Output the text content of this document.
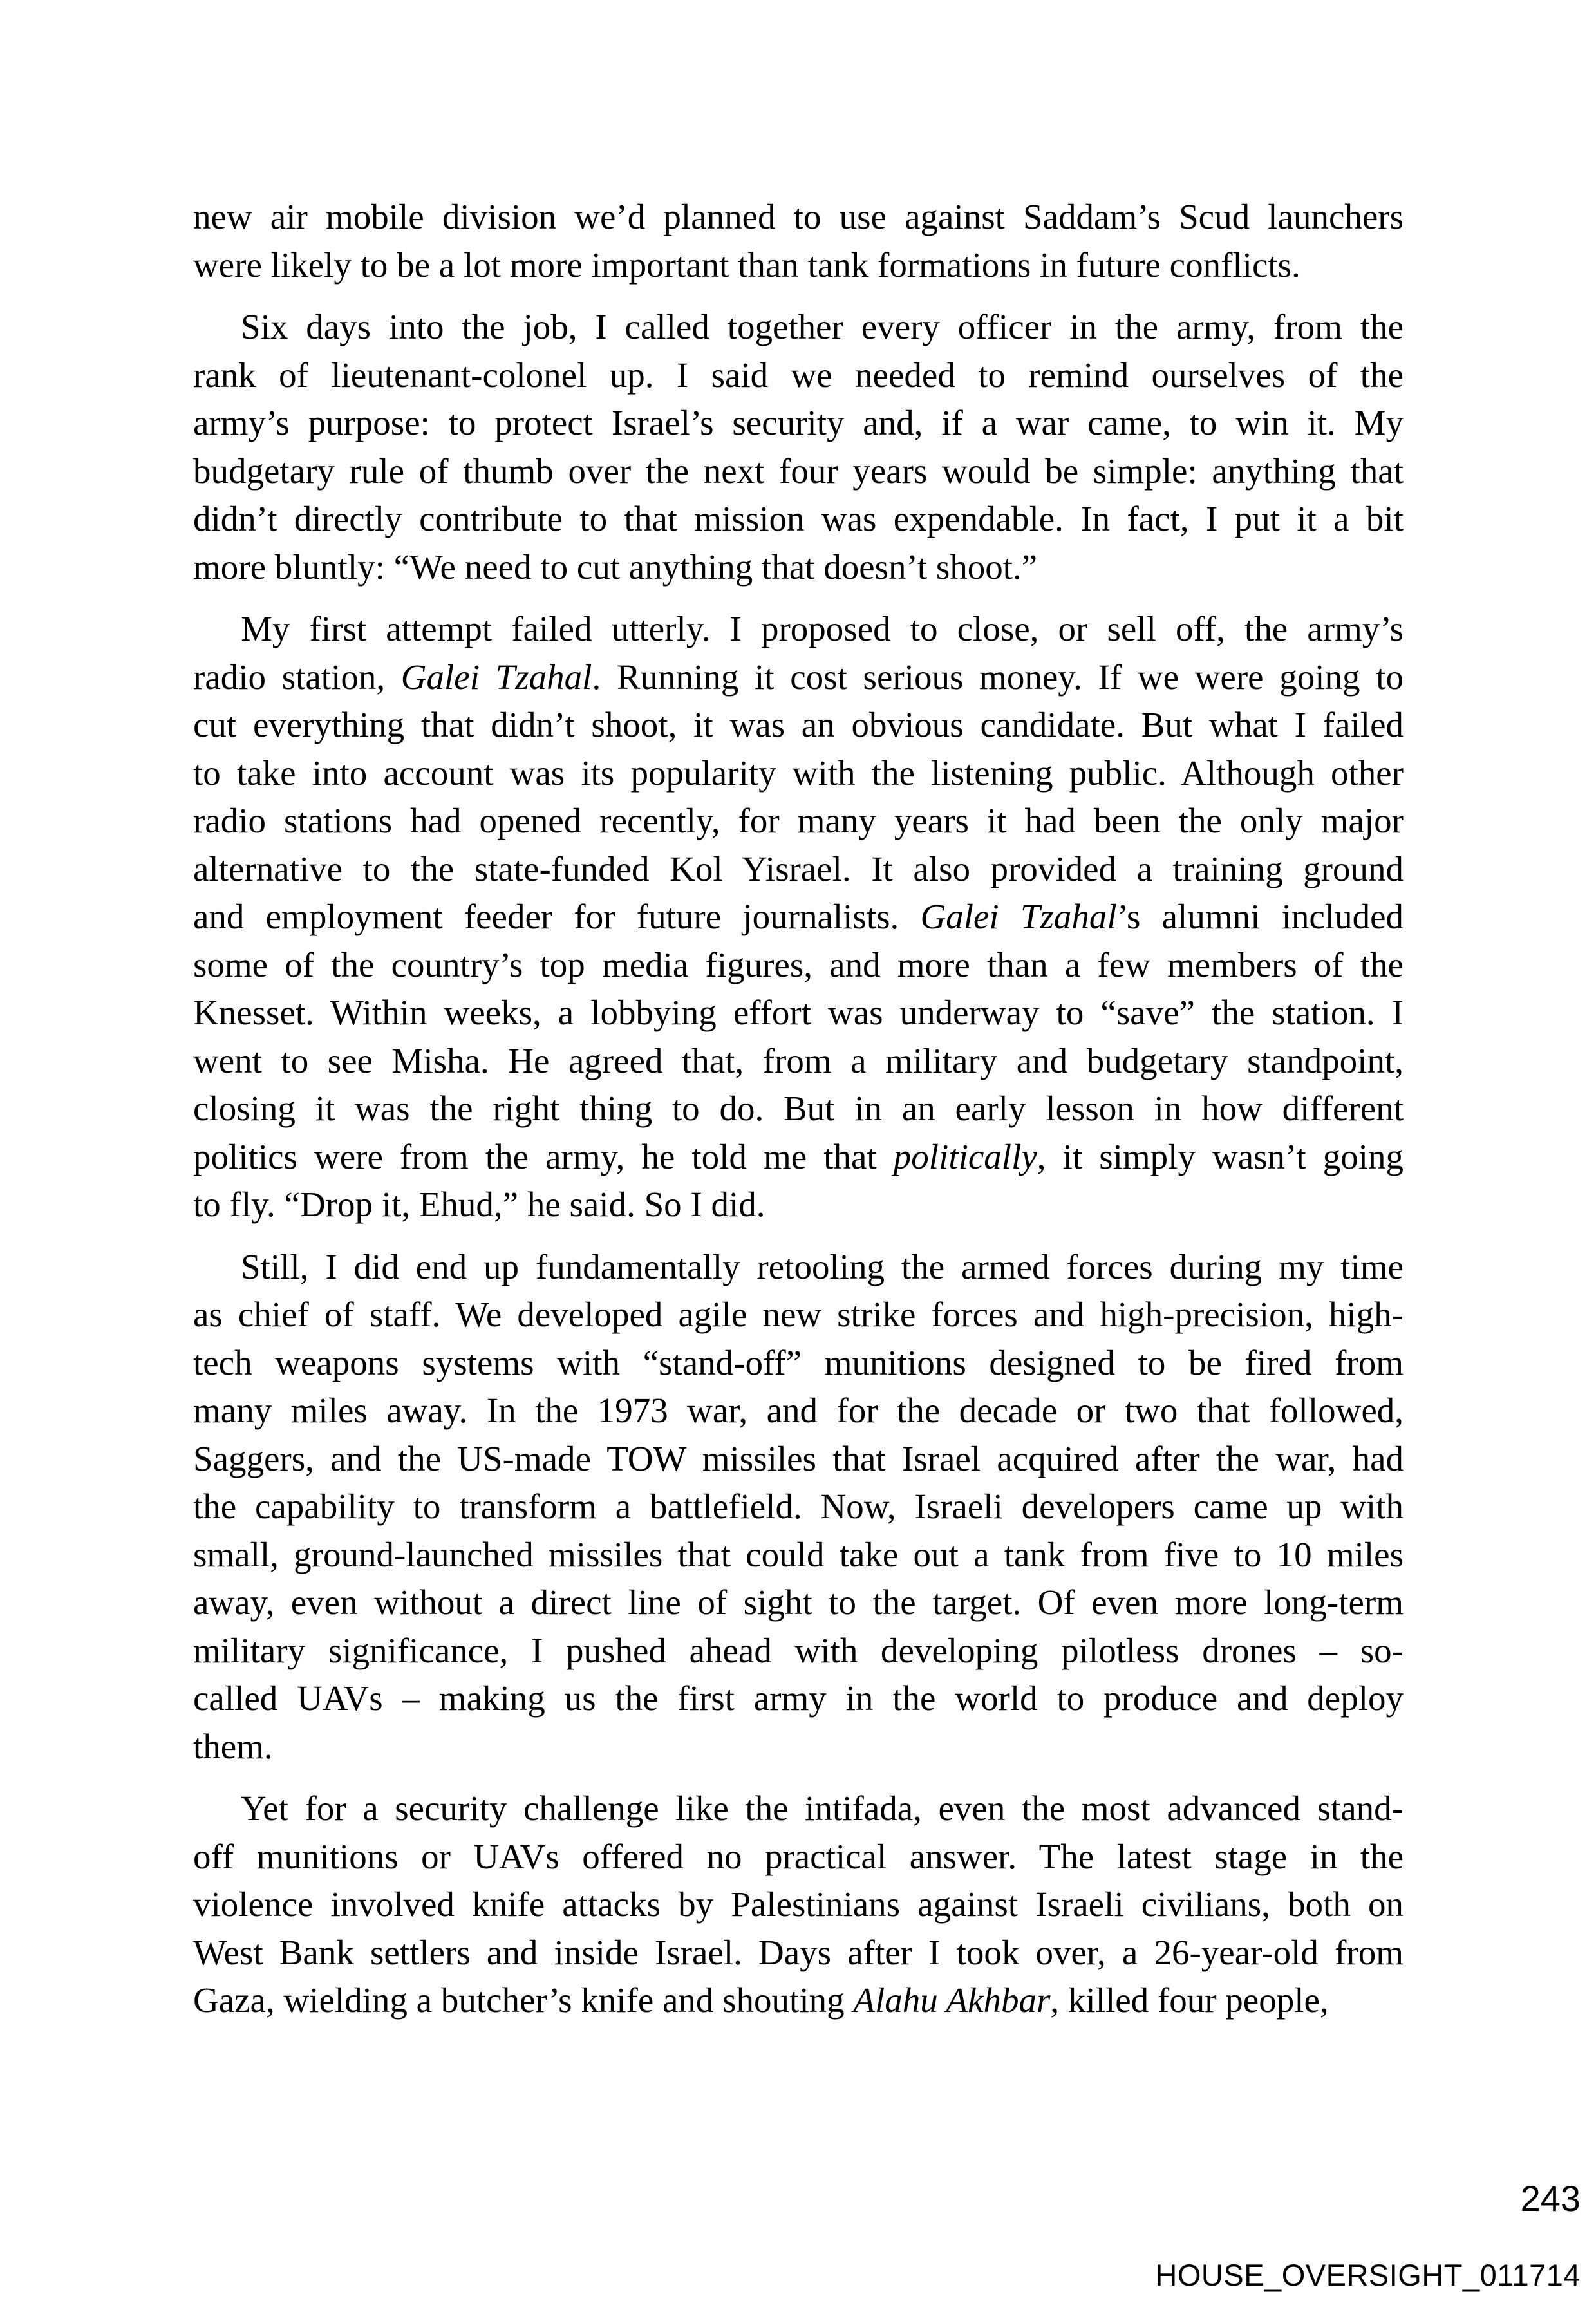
new air mobile division we’d planned to use against Saddam’s Scud launchers
were likely to be a lot more important than tank formations in future conflicts.
Six days into the job, I called together every officer in the army, from the
rank of lieutenant-colonel up. I said we needed to remind ourselves of the
army’s purpose: to protect Israel’s security and, if a war came, to win it. My
budgetary rule of thumb over the next four years would be simple: anything that
didn’t directly contribute to that mission was expendable. In fact, I put it a bit
more bluntly: “We need to cut anything that doesn’t shoot.”
My first attempt failed utterly. I proposed to close, or sell off, the army’s
radio station, Galei Tzahal. Running it cost serious money. If we were going to
cut everything that didn’t shoot, it was an obvious candidate. But what I failed
to take into account was its popularity with the listening public. Although other
radio stations had opened recently, for many years it had been the only major
alternative to the state-funded Kol Yisrael. It also provided a training ground
and employment feeder for future journalists. Galei Tzahal’s alumni included
some of the country’s top media figures, and more than a few members of the
Knesset. Within weeks, a lobbying effort was underway to “save” the station. I
went to see Misha. He agreed that, from a military and budgetary standpoint,
closing it was the right thing to do. But in an early lesson in how different
politics were from the army, he told me that politically, it simply wasn’t going
to fly. “Drop it, Ehud,” he said. So I did.
Still, I did end up fundamentally retooling the armed forces during my time
as chief of staff. We developed agile new strike forces and high-precision, high-
tech weapons systems with “stand-off” munitions designed to be fired from
many miles away. In the 1973 war, and for the decade or two that followed,
Saggers, and the US-made TOW missiles that Israel acquired after the war, had
the capability to transform a battlefield. Now, Israeli developers came up with
small, ground-launched missiles that could take out a tank from five to 10 miles
away, even without a direct line of sight to the target. Of even more long-term
military significance, I pushed ahead with developing pilotless drones – so-
called UAVs – making us the first army in the world to produce and deploy
them.
Yet for a security challenge like the intifada, even the most advanced stand-
off munitions or UAVs offered no practical answer. The latest stage in the
violence involved knife attacks by Palestinians against Israeli civilians, both on
West Bank settlers and inside Israel. Days after I took over, a 26-year-old from
Gaza, wielding a butcher’s knife and shouting Alahu Akhbar, killed four people,
243
HOUSE_OVERSIGHT_011714
